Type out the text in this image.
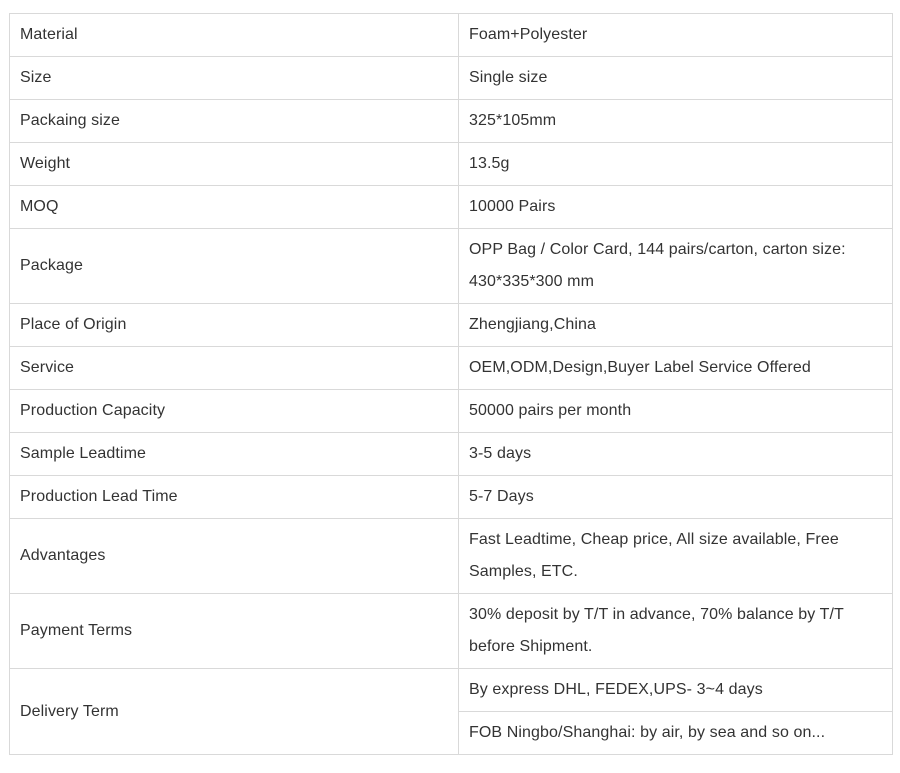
Material	Foam+Polyester
Size	Single size
Packaing size	325*105mm
Weight	13.5g
MOQ	10000 Pairs
Package	OPP Bag / Color Card, 144 pairs/carton, carton size: 430*335*300 mm
Place of Origin	Zhengjiang,China
Service	OEM,ODM,Design,Buyer Label Service Offered
Production Capacity	50000 pairs per month
Sample Leadtime	3-5 days
Production Lead Time	5-7 Days
Advantages	Fast Leadtime, Cheap price, All size available, Free Samples, ETC.
Payment Terms	30% deposit by T/T in advance, 70% balance by T/T before Shipment.
Delivery Term	By express DHL, FEDEX,UPS- 3~4 days
	FOB Ningbo/Shanghai: by air, by sea and so on...
